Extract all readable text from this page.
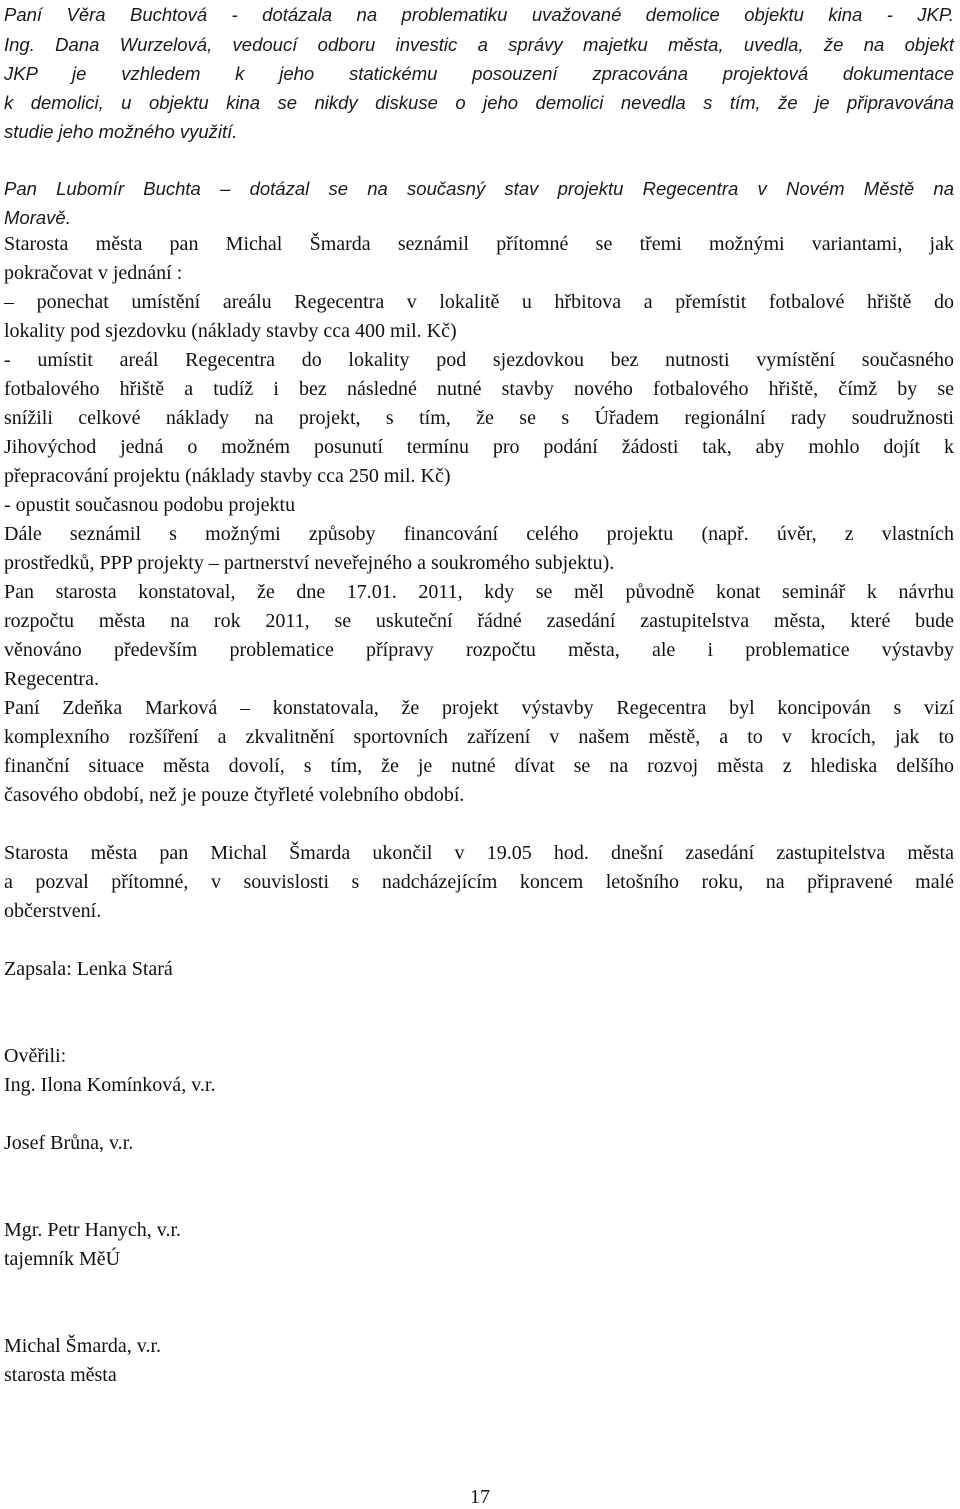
Paní Věra Buchtová - dotázala na problematiku uvažované demolice objektu kina - JKP.
Ing. Dana Wurzelová, vedoucí odboru investic a správy majetku města, uvedla, že na objekt
JKP je vzhledem k jeho statickému posouzení zpracována projektová dokumentace
k demolici, u objektu kina se nikdy diskuse o jeho demolici nevedla s tím, že je připravována
studie jeho možného využití.
Pan Lubomír Buchta – dotázal se na současný stav projektu Regecentra v Novém Městě na
Moravě.
Starosta města pan Michal Šmarda seznámil přítomné se třemi možnými variantami, jak
pokračovat v jednání :
– ponechat umístění areálu Regecentra v lokalitě u hřbitova a přemístit fotbalové hřiště do
lokality pod sjezdovku (náklady stavby cca 400 mil. Kč)
- umístit areál Regecentra do lokality pod sjezdovkou bez nutnosti vymístění současného
fotbalového hřiště a tudíž i bez následné nutné stavby nového fotbalového hřiště, čímž by se
snížili celkové náklady na projekt, s tím, že se s Úřadem regionální rady soudružnosti
Jihovýchod jedná o možném posunutí termínu pro podání žádosti tak, aby mohlo dojít k
přepracování projektu (náklady stavby cca 250 mil. Kč)
- opustit současnou podobu projektu
Dále seznámil s možnými způsoby financování celého projektu (např. úvěr, z vlastních
prostředků, PPP projekty – partnerství neveřejného a soukromého subjektu).
Pan starosta konstatoval, že dne 17.01. 2011, kdy se měl původně konat seminář k návrhu
rozpočtu města na rok 2011, se uskuteční řádné zasedání zastupitelstva města, které bude
věnováno především problematice přípravy rozpočtu města, ale i problematice výstavby
Regecentra.
Paní Zdeňka Marková – konstatovala, že projekt výstavby Regecentra byl koncipován s vizí
komplexního rozšíření a zkvalitnění sportovních zařízení v našem městě, a to v krocích, jak to
finanční situace města dovolí, s tím, že je nutné dívat se na rozvoj města z hlediska delšího
časového období, než je pouze čtyřleté volebního období.
Starosta města pan Michal Šmarda ukončil v 19.05 hod. dnešní zasedání zastupitelstva města
a pozval přítomné, v souvislosti s nadcházejícím koncem letošního roku, na připravené malé
občerstvení.
Zapsala: Lenka Stará
Ověřili:
Ing. Ilona Komínková, v.r.
Josef Brůna, v.r.
Mgr. Petr Hanych, v.r.
tajemník MěÚ
Michal Šmarda, v.r.
starosta města
17
